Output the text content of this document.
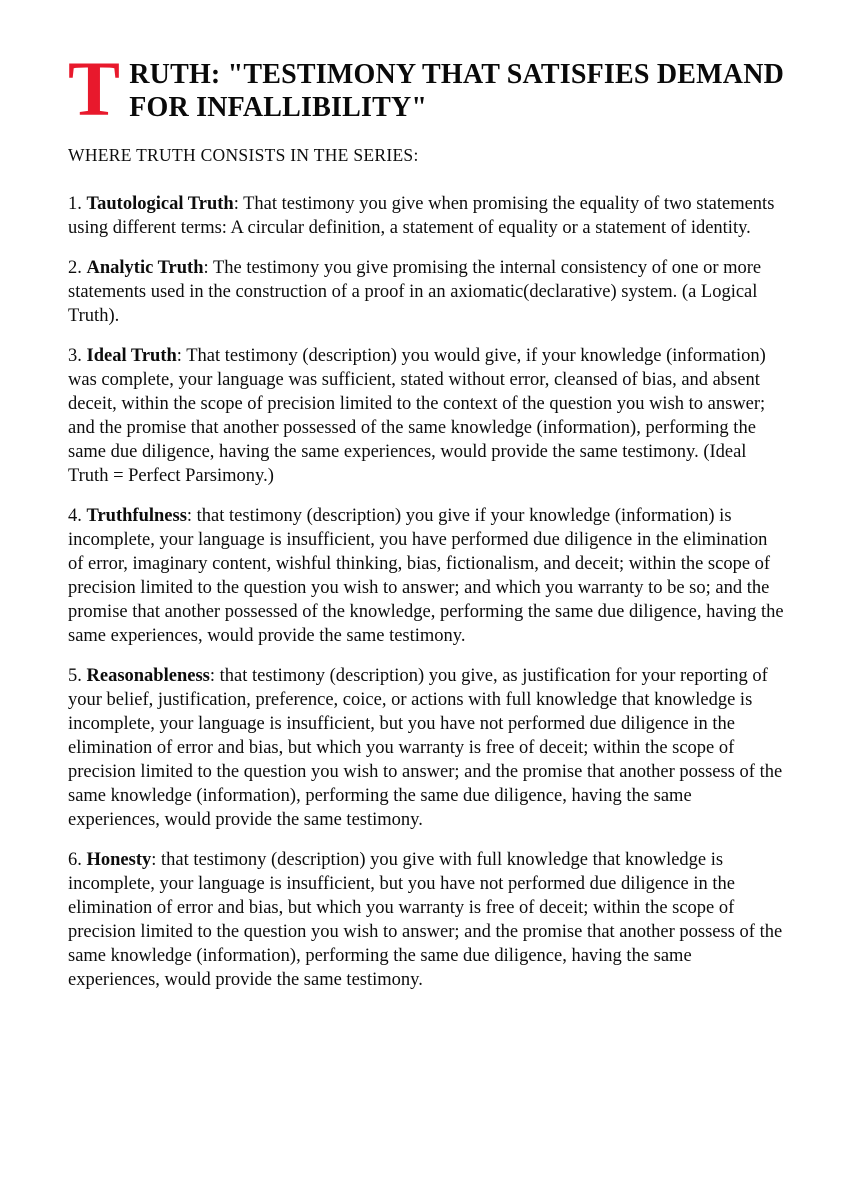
T RUTH: "TESTIMONY THAT SATISFIES DEMAND
FOR INFALLIBILITY"

WHERE TRUTH CONSISTS IN THE SERIES:

1. Tautological Truth: That testimony you give when promising the equality of two statements using different terms: A circular definition, a statement of equality or a statement of identity.

2. Analytic Truth: The testimony you give promising the internal consistency of one or more statements used in the construction of a proof in an axiomatic(declarative) system. (a Logical Truth).

3. Ideal Truth: That testimony (description) you would give, if your knowledge (information) was complete, your language was sufficient, stated without error, cleansed of bias, and absent deceit, within the scope of precision limited to the context of the question you wish to answer; and the promise that another possessed of the same knowledge (information), performing the same due diligence, having the same experiences, would provide the same testimony. (Ideal Truth = Perfect Parsimony.)

4. Truthfulness: that testimony (description) you give if your knowledge (information) is incomplete, your language is insufficient, you have performed due diligence in the elimination of error, imaginary content, wishful thinking, bias, fictionalism, and deceit; within the scope of precision limited to the question you wish to answer; and which you warranty to be so; and the promise that another possessed of the knowledge, performing the same due diligence, having the same experiences, would provide the same testimony.

5. Reasonableness: that testimony (description) you give, as justification for your reporting of your belief, justification, preference, coice, or actions with full knowledge that knowledge is incomplete, your language is insufficient, but you have not performed due diligence in the elimination of error and bias, but which you warranty is free of deceit; within the scope of precision limited to the question you wish to answer; and the promise that another possess of the same knowledge (information), performing the same due diligence, having the same experiences, would provide the same testimony.

6. Honesty: that testimony (description) you give with full knowledge that knowledge is incomplete, your language is insufficient, but you have not performed due diligence in the elimination of error and bias, but which you warranty is free of deceit; within the scope of precision limited to the question you wish to answer; and the promise that another possess of the same knowledge (information), performing the same due diligence, having the same experiences, would provide the same testimony.
